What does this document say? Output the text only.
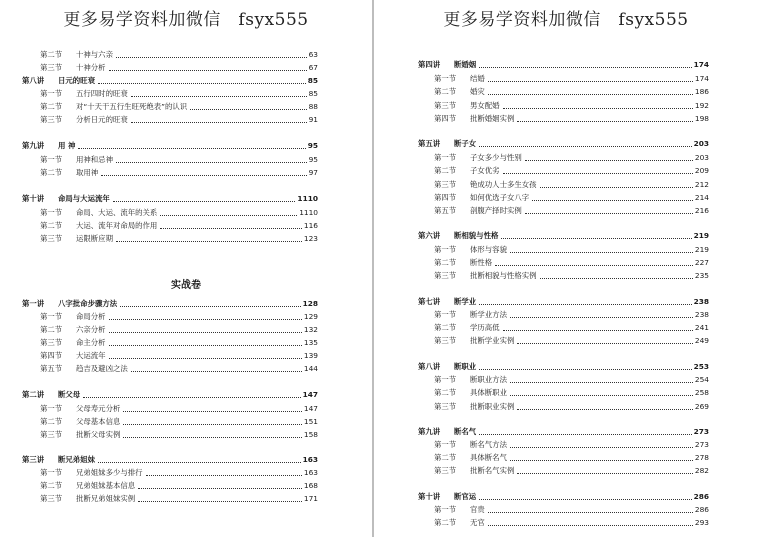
更多易学资料加微信　fsyx555
第二节 十神与六亲	63
第三节 十神分析	67
第八讲 日元的旺衰	85
第一节 五行四时的旺衰	85
第二节 对“十天干五行生旺死绝表”的认识	88
第三节 分析日元的旺衰	91
第九讲 用 神	95
第一节 用神和忌神	95
第二节 取用神	97
第十讲 命局与大运流年	1110
第一节 命局、大运、流年的关系	1110
第二节 大运、流年对命局的作用	116
第三节 运限断应期	123
实战卷
第一讲 八字批命步骤方法	128
第一节 命局分析	129
第二节 六亲分析	132
第三节 命主分析	135
第四节 大运流年	139
第五节 趋吉及避凶之法	144
第二讲 断父母	147
第一节 父母寿元分析	147
第二节 父母基本信息	151
第三节 批断父母实例	158
第三讲 断兄弟姐妹	163
第一节 兄弟姐妹多少与排行	163
第二节 兄弟姐妹基本信息	168
第三节 批断兄弟姐妹实例	171
更多易学资料加微信　fsyx555
第四讲 断婚姻	174
第一节 结婚	174
第二节 婚灾	186
第三节 男女配婚	192
第四节 批断婚姻实例	198
第五讲 断子女	203
第一节 子女多少与性别	203
第二节 子女优劣	209
第三节 铯成功人士多生女孩	212
第四节 如何优选子女八字	214
第五节 剖腹产择时实例	216
第六讲 断相貌与性格	219
第一节 体形与容貌	219
第二节 断性格	227
第三节 批断相貌与性格实例	235
第七讲 断学业	238
第一节 断学业方法	238
第二节 学历高低	241
第三节 批断学业实例	249
第八讲 断职业	253
第一节 断职业方法	254
第二节 具体断职业	258
第三节 批断职业实例	269
第九讲 断名气	273
第一节 断名气方法	273
第二节 具体断名气	278
第三节 批断名气实例	282
第十讲 断官运	286
第一节 官贵	286
第二节 无官	293
